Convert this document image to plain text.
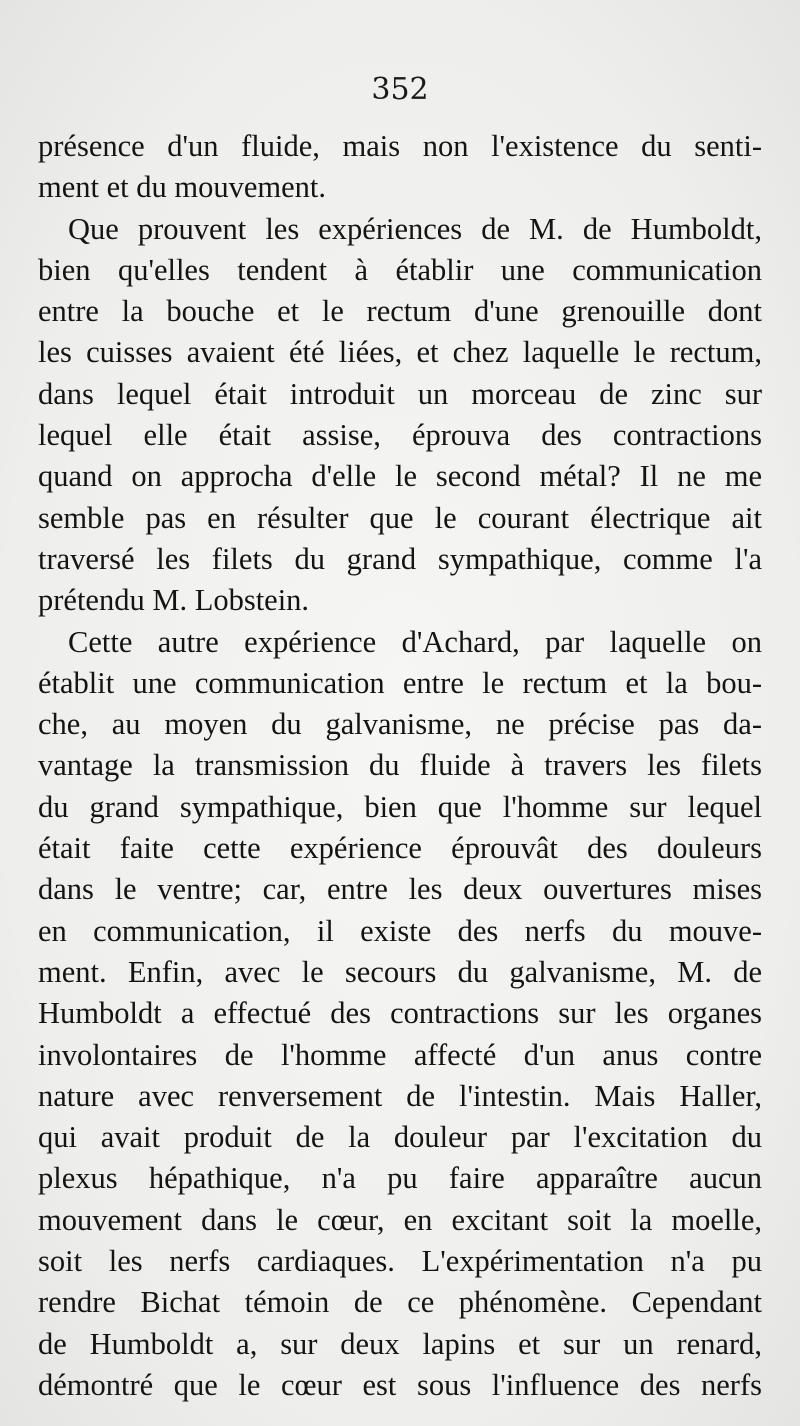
352
présence d'un fluide, mais non l'existence du senti-
ment et du mouvement.
Que prouvent les expériences de M. de Humboldt,
bien qu'elles tendent à établir une communication
entre la bouche et le rectum d'une grenouille dont
les cuisses avaient été liées, et chez laquelle le rectum,
dans lequel était introduit un morceau de zinc sur
lequel elle était assise, éprouva des contractions
quand on approcha d'elle le second métal? Il ne me
semble pas en résulter que le courant électrique ait
traversé les filets du grand sympathique, comme l'a
prétendu M. Lobstein.
Cette autre expérience d'Achard, par laquelle on
établit une communication entre le rectum et la bou-
che, au moyen du galvanisme, ne précise pas da-
vantage la transmission du fluide à travers les filets
du grand sympathique, bien que l'homme sur lequel
était faite cette expérience éprouvât des douleurs
dans le ventre; car, entre les deux ouvertures mises
en communication, il existe des nerfs du mouve-
ment. Enfin, avec le secours du galvanisme, M. de
Humboldt a effectué des contractions sur les organes
involontaires de l'homme affecté d'un anus contre
nature avec renversement de l'intestin. Mais Haller,
qui avait produit de la douleur par l'excitation du
plexus hépathique, n'a pu faire apparaître aucun
mouvement dans le cœur, en excitant soit la moelle,
soit les nerfs cardiaques. L'expérimentation n'a pu
rendre Bichat témoin de ce phénomène. Cependant
de Humboldt a, sur deux lapins et sur un renard,
démontré que le cœur est sous l'influence des nerfs
